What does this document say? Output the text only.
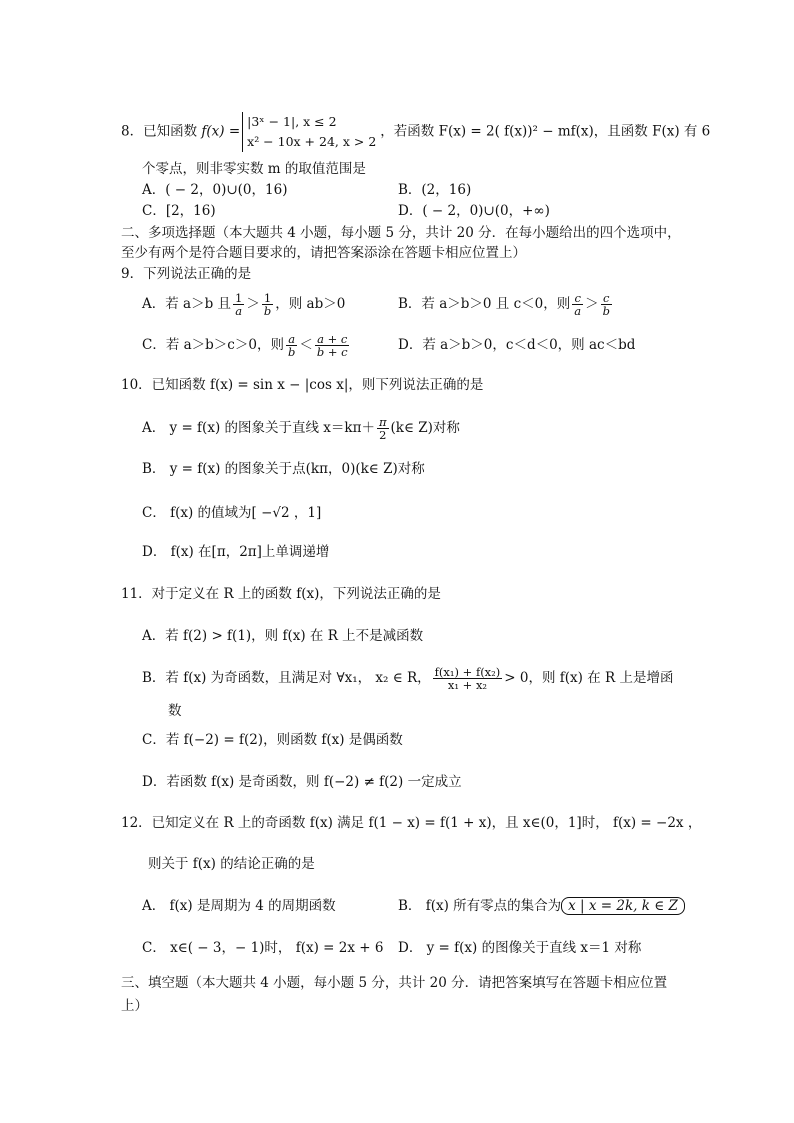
8．已知函数 f(x) =
|3ˣ − 1|, x ≤ 2
x² − 10x + 24, x > 2
，若函数 F(x) = 2( f(x))² − mf(x)，且函数 F(x) 有 6
个零点，则非零实数 m 的取值范围是
A．( − 2，0)∪(0，16)	B．(2，16)
C．[2，16)	D．( − 2，0)∪(0，+∞)
二、多项选择题（本大题共 4 小题，每小题 5 分，共计 20 分．在每小题给出的四个选项中，
至少有两个是符合题目要求的，请把答案添涂在答题卡相应位置上）
9．下列说法正确的是
A．若 a＞b 且 $\frac{1}{a} > \frac{1}{b}$ ，则 ab＞0	B．若 a＞b＞0 且 c＜0，则 $\frac{c}{a} > \frac{c}{b}$
C．若 a＞b＞c＞0，则 $\frac{a}{b} < \frac{a + c}{b + c}$	D．若 a＞b＞0，c＜d＜0，则 ac＜bd
10．已知函数 f(x) = sin x − |cos x|，则下列说法正确的是
A． y = f(x) 的图象关于直线 $x=k\pi+ \frac{\pi}{2}$ (k∈ Z)对称
B． y = f(x) 的图象关于点(kπ，0)(k∈ Z)对称
C． f(x) 的值域为[ −√2 ，1]
D． f(x) 在[π，2π]上单调递增
11．对于定义在 R 上的函数 f(x)，下列说法正确的是
A．若 f(2) > f(1)，则 f(x) 在 R 上不是减函数
B．若 f(x) 为奇函数，且满足对 ∀x₁， x₂ ∈ R， $\frac{\text{f(x₁) + f(x₂)}}{\text{x₁ + x₂}} > 0$，则 f(x) 在 R 上是增函
数
C．若 f(−2) = f(2)，则函数 f(x) 是偶函数
D．若函数 f(x) 是奇函数，则 f(−2) ≠ f(2) 一定成立
12．已知定义在 R 上的奇函数 f(x) 满足 f(1 − x) = f(1 + x)，且 x∈(0，1]时， f(x) = −2x ，
则关于 f(x) 的结论正确的是
A． f(x) 是周期为 4 的周期函数	B． f(x) 所有零点的集合为 x | x = 2k, k ∈ Z
C． x∈( − 3，− 1)时， f(x) = 2x + 6 D． y = f(x) 的图像关于直线 x＝1 对称
三、填空题（本大题共 4 小题，每小题 5 分，共计 20 分．请把答案填写在答题卡相应位置
上）
